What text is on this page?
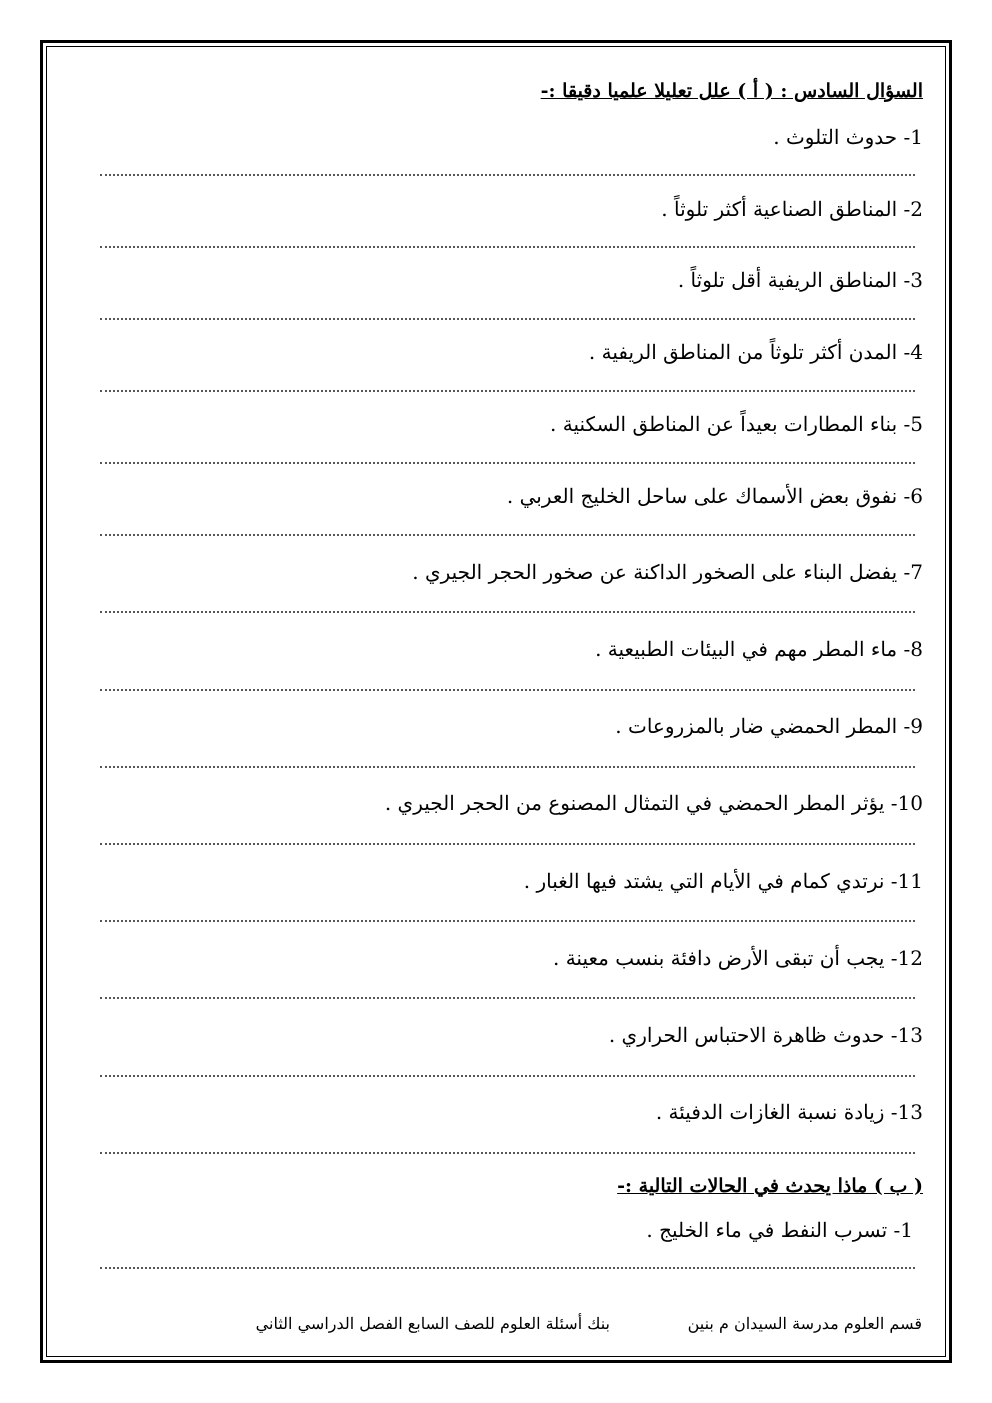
السؤال السادس : ( أ ) علل تعليلا علميا دقيقا :-
1- حدوث التلوث .
2- المناطق الصناعية أكثر تلوثاً .
3- المناطق الريفية أقل تلوثاً .
4- المدن أكثر تلوثاً من المناطق الريفية .
5- بناء المطارات بعيداً عن المناطق السكنية .
6- نفوق بعض الأسماك على ساحل الخليج العربي .
7- يفضل البناء على الصخور الداكنة عن صخور الحجر الجيري .
8- ماء المطر مهم في البيئات الطبيعية .
9- المطر الحمضي ضار بالمزروعات .
10- يؤثر المطر الحمضي في التمثال المصنوع من الحجر الجيري .
11- نرتدي كمام في الأيام التي يشتد فيها الغبار .
12- يجب أن تبقى الأرض دافئة بنسب معينة .
13- حدوث ظاهرة الاحتباس الحراري .
13- زيادة نسبة الغازات الدفيئة .
( ب ) ماذا يحدث في الحالات التالية :-
1- تسرب النفط في ماء الخليج .
قسم العلوم مدرسة السيدان م بنين
بنك أسئلة العلوم للصف السابع الفصل الدراسي الثاني
